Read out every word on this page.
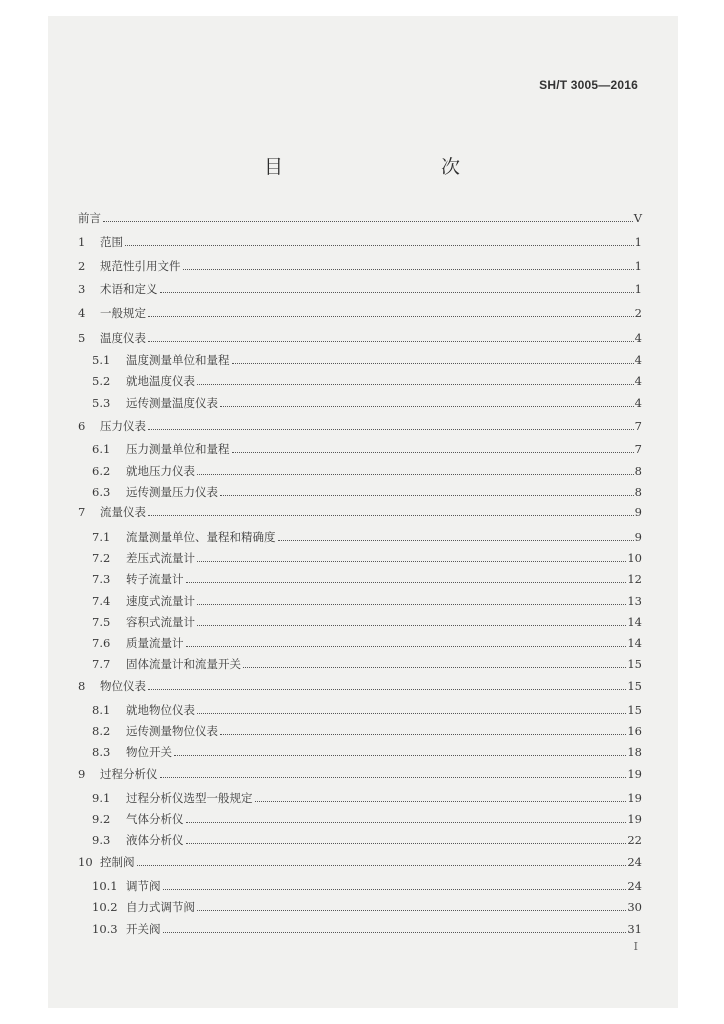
SH/T 3005—2016
目　　次
前言	V
1	范围	1
2	规范性引用文件	1
3	术语和定义	1
4	一般规定	2
5	温度仪表	4
5.1	温度测量单位和量程	4
5.2	就地温度仪表	4
5.3	远传测量温度仪表	4
6	压力仪表	7
6.1	压力测量单位和量程	7
6.2	就地压力仪表	8
6.3	远传测量压力仪表	8
7	流量仪表	9
7.1	流量测量单位、量程和精确度	9
7.2	差压式流量计	10
7.3	转子流量计	12
7.4	速度式流量计	13
7.5	容积式流量计	14
7.6	质量流量计	14
7.7	固体流量计和流量开关	15
8	物位仪表	15
8.1	就地物位仪表	15
8.2	远传测量物位仪表	16
8.3	物位开关	18
9	过程分析仪	19
9.1	过程分析仪选型一般规定	19
9.2	气体分析仪	19
9.3	液体分析仪	22
10 控制阀	24
10.1 调节阀	24
10.2 自力式调节阀	30
10.3 开关阀	31
I
